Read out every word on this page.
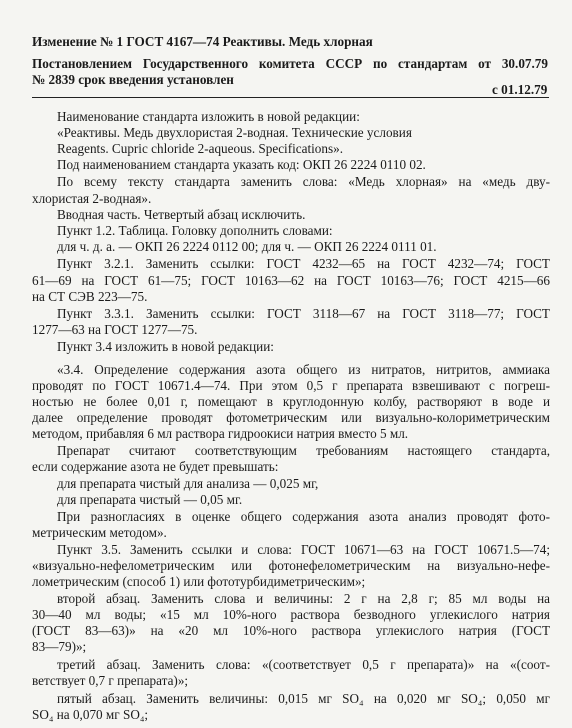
Изменение № 1 ГОСТ 4167—74 Реактивы. Медь хлорная
Постановлением Государственного комитета СССР по стандартам от 30.07.79
№ 2839 срок введения установлен
с 01.12.79
Наименование стандарта изложить в новой редакции:
«Реактивы. Медь двухлористая 2-водная. Технические условия
Reagents. Cupric chloride 2-aqueous. Specifications».
Под наименованием стандарта указать код: ОКП 26 2224 0110 02.
По всему тексту стандарта заменить слова: «Медь хлорная» на «медь дву-
хлористая 2-водная».
Вводная часть. Четвертый абзац исключить.
Пункт 1.2. Таблица. Головку дополнить словами:
для ч. д. а. — ОКП 26 2224 0112 00; для ч. — ОКП 26 2224 0111 01.
Пункт 3.2.1. Заменить ссылки: ГОСТ 4232—65 на ГОСТ 4232—74; ГОСТ
61—69 на ГОСТ 61—75; ГОСТ 10163—62 на ГОСТ 10163—76; ГОСТ 4215—66
на СТ СЭВ 223—75.
Пункт 3.3.1. Заменить ссылки: ГОСТ 3118—67 на ГОСТ 3118—77; ГОСТ
1277—63 на ГОСТ 1277—75.
Пункт 3.4 изложить в новой редакции:
«3.4. Определение содержания азота общего из нитратов, нитритов, аммиака
проводят по ГОСТ 10671.4—74. При этом 0,5 г препарата взвешивают с погреш-
ностью не более 0,01 г, помещают в круглодонную колбу, растворяют в воде и
далее определение проводят фотометрическим или визуально-колориметрическим
методом, прибавляя 6 мл раствора гидроокиси натрия вместо 5 мл.
Препарат считают соответствующим требованиям настоящего стандарта,
если содержание азота не будет превышать:
для препарата чистый для анализа — 0,025 мг,
для препарата чистый — 0,05 мг.
При разногласиях в оценке общего содержания азота анализ проводят фото-
метрическим методом».
Пункт 3.5. Заменить ссылки и слова: ГОСТ 10671—63 на ГОСТ 10671.5—74;
«визуально-нефелометрическим или фотонефелометрическим на визуально-нефе-
лометрическим (способ 1) или фототурбидиметрическим»;
второй абзац. Заменить слова и величины: 2 г на 2,8 г; 85 мл воды на
30—40 мл воды; «15 мл 10%-ного раствора безводного углекислого натрия
(ГОСТ 83—63)» на «20 мл 10%-ного раствора углекислого натрия (ГОСТ
83—79)»;
третий абзац. Заменить слова: «(соответствует 0,5 г препарата)» на «(соот-
ветствует 0,7 г препарата)»;
пятый абзац. Заменить величины: 0,015 мг SO₄ на 0,020 мг SO₄; 0,050 мг
SO₄ на 0,070 мг SO₄;
